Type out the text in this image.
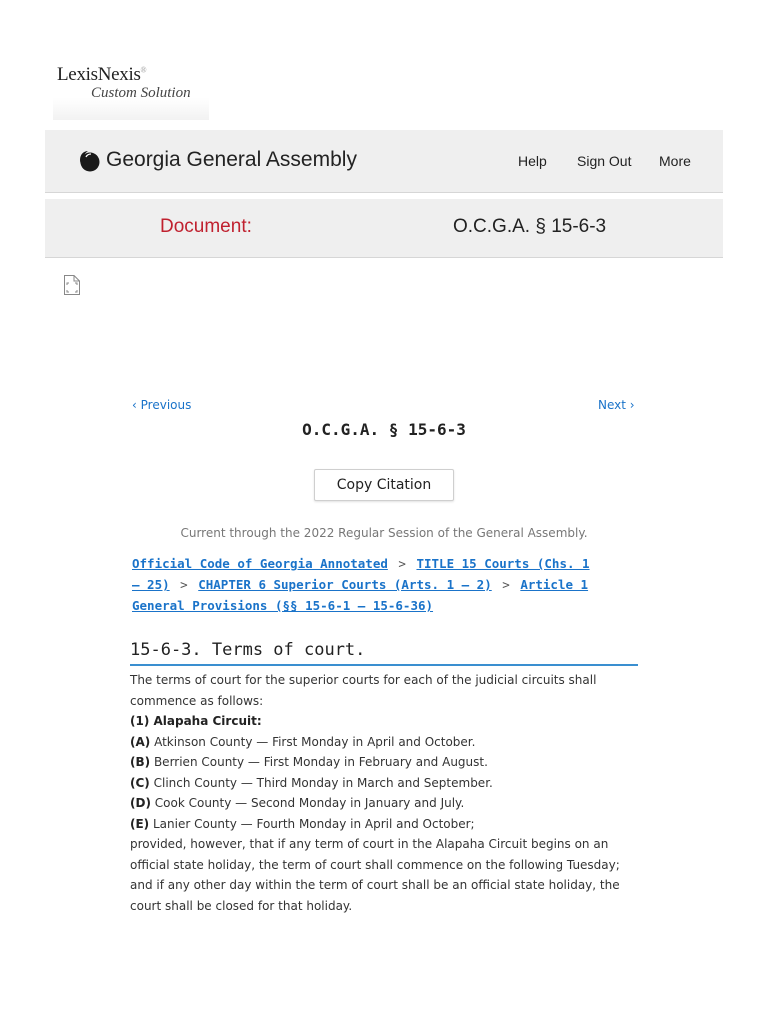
LexisNexis®
Custom Solution
Georgia General Assembly	Help Sign Out More
Document:	O.C.G.A. § 15-6-3
‹ Previous	Next ›
O.C.G.A. § 15-6-3
Copy Citation
Current through the 2022 Regular Session of the General Assembly.
Official Code of Georgia Annotated > TITLE 15 Courts (Chs. 1 — 25) > CHAPTER 6 Superior Courts (Arts. 1 — 2) > Article 1 General Provisions (§§ 15-6-1 — 15-6-36)
15-6-3. Terms of court.

The terms of court for the superior courts for each of the judicial circuits shall commence as follows:

(1) Alapaha Circuit:

(A) Atkinson County — First Monday in April and October.

(B) Berrien County — First Monday in February and August.

(C) Clinch County — Third Monday in March and September.

(D) Cook County — Second Monday in January and July.

(E) Lanier County — Fourth Monday in April and October;

provided, however, that if any term of court in the Alapaha Circuit begins on an official state holiday, the term of court shall commence on the following Tuesday; and if any other day within the term of court shall be an official state holiday, the court shall be closed for that holiday.
